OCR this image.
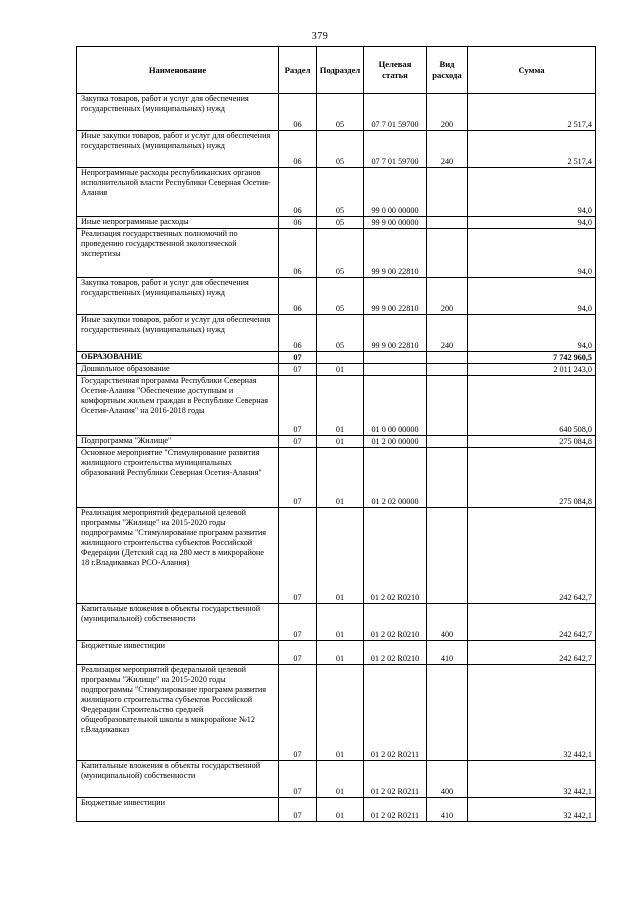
379
Наименование	Раздел	Подраздел	Целевая статья	Вид расхода	Сумма
Закупка товаров, работ и услуг для обеспечения государственных (муниципальных) нужд	06	05	07 7 01 59700	200	2 517,4
Иные закупки товаров, работ и услуг для обеспечения государственных (муниципальных) нужд	06	05	07 7 01 59700	240	2 517,4
Непрограммные расходы республиканских органов исполнительной власти Республики Северная Осетия-Алания	06	05	99 0 00 00000		94,0
Иные непрограммные расходы	06	05	99 9 00 00000		94,0
Реализация государственных полномочий по проведению государственной экологической экспертизы	06	05	99 9 00 22810		94,0
Закупка товаров, работ и услуг для обеспечения государственных (муниципальных) нужд	06	05	99 9 00 22810	200	94,0
Иные закупки товаров, работ и услуг для обеспечения государственных (муниципальных) нужд	06	05	99 9 00 22810	240	94,0
ОБРАЗОВАНИЕ	07				7 742 960,5
Дошкольное образование	07	01			2 011 243,0
Государственная программа Республики Северная Осетия-Алания "Обеспечение доступным и комфортным жильем граждан в Республике Северная Осетия-Алания" на 2016-2018 годы	07	01	01 0 00 00000		640 508,0
Подпрограмма "Жилище"	07	01	01 2 00 00000		275 084,8
Основное мероприятие "Стимулирование развития жилищного строительства муниципальных образований Республики Северная Осетия-Алания"	07	01	01 2 02 00000		275 084,8
Реализация мероприятий федеральной целевой программы "Жилище" на 2015-2020 годы подпрограммы "Стимулирование программ развития жилищного строительства субъектов Российской Федерации (Детский сад на 280 мест в микрорайоне 18 г.Владикавказ РСО-Алания)	07	01	01 2 02 R0210		242 642,7
Капитальные вложения в объекты государственной (муниципальной) собственности	07	01	01 2 02 R0210	400	242 642,7
Бюджетные инвестиции	07	01	01 2 02 R0210	410	242 642,7
Реализация мероприятий федеральной целевой программы "Жилище" на 2015-2020 годы подпрограммы "Стимулирование программ развития жилищного строительства субъектов Российской Федерации Строительство средней общеобразовательной школы в микрорайоне №12 г.Владикавказ	07	01	01 2 02 R0211		32 442,1
Капитальные вложения в объекты государственной (муниципальной) собственности	07	01	01 2 02 R0211	400	32 442,1
Бюджетные инвестиции	07	01	01 2 02 R0211	410	32 442,1
